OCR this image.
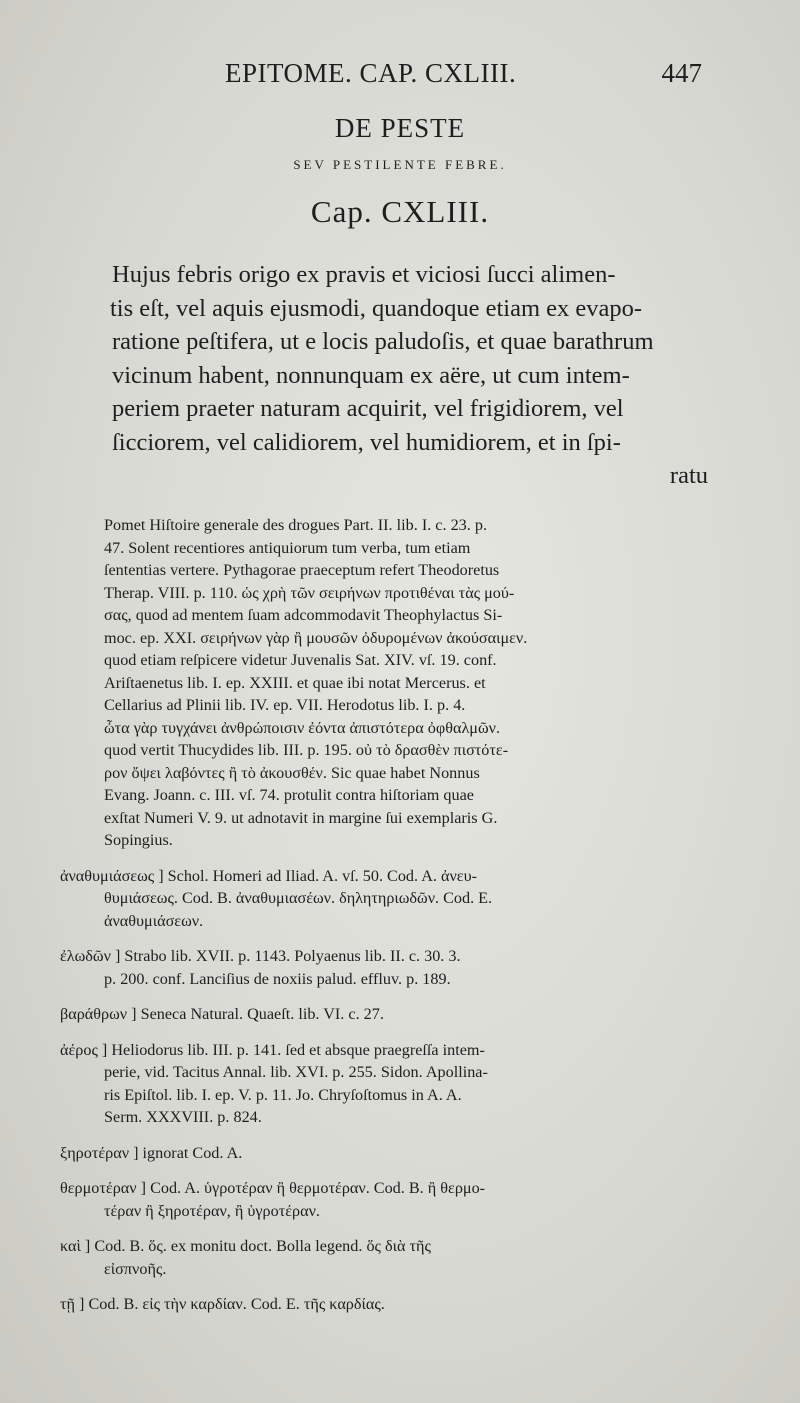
EPITOME. CAP. CXLIII.	447
DE PESTE
SEV PESTILENTE FEBRE.
Cap. CXLIII.
Hujus febris origo ex pravis et viciosi ſucci alimen-
tis eſt, vel aquis ejusmodi, quandoque etiam ex evapo-
ratione peſtifera, ut e locis paludoſis, et quae barathrum
vicinum habent, nonnunquam ex aëre, ut cum intem-
periem praeter naturam acquirit, vel frigidiorem, vel
ſicciorem, vel calidiorem, vel humidiorem, et in ſpi-
ratu
Pomet Hiſtoire generale des drogues Part. II. lib. I. c. 23. p.
47. Solent recentiores antiquiorum tum verba, tum etiam
ſententias vertere. Pythagorae praeceptum refert Theodoretus
Therap. VIII. p. 110. ὡς χρὴ τῶν σειρήνων προτιθέναι τὰς μού-
σας, quod ad mentem ſuam adcommodavit Theophylactus Si-
moc. ep. XXI. σειρήνων γὰρ ἢ μουσῶν ὀδυρομένων ἀκούσαιμεν.
quod etiam reſpicere videtur Juvenalis Sat. XIV. vſ. 19. conf.
Ariſtaenetus lib. I. ep. XXIII. et quae ibi notat Mercerus. et
Cellarius ad Plinii lib. IV. ep. VII. Herodotus lib. I. p. 4.
ὦτα γὰρ τυγχάνει ἀνθρώποισιν ἐόντα ἀπιστότερα ὀφθαλμῶν.
quod vertit Thucydides lib. III. p. 195. οὐ τὸ δρασθὲν πιστότε-
ρον ὄψει λαβόντες ἢ τὸ ἀκουσθέν. Sic quae habet Nonnus
Evang. Joann. c. III. vſ. 74. protulit contra hiſtoriam quae
exſtat Numeri V. 9. ut adnotavit in margine ſui exemplaris G.
Sopingius.
ἀναθυμιάσεως ] Schol. Homeri ad Iliad. A. vſ. 50. Cod. A. ἀνευ-
θυμιάσεως. Cod. B. ἀναθυμιασέων. δηλητηριωδῶν. Cod. E.
ἀναθυμιάσεων.
ἐλωδῶν ] Strabo lib. XVII. p. 1143. Polyaenus lib. II. c. 30. 3.
p. 200. conf. Lanciſius de noxiis palud. effluv. p. 189.
βαράθρων ] Seneca Natural. Quaeſt. lib. VI. c. 27.
ἀέρος ] Heliodorus lib. III. p. 141. ſed et absque praegreſſa intem-
perie, vid. Tacitus Annal. lib. XVI. p. 255. Sidon. Apollina-
ris Epiſtol. lib. I. ep. V. p. 11. Jo. Chryſoſtomus in A. A.
Serm. XXXVIII. p. 824.
ξηροτέραν ] ignorat Cod. A.
θερμοτέραν ] Cod. A. ὑγροτέραν ἢ θερμοτέραν. Cod. B. ἢ θερμο-
τέραν ἢ ξηροτέραν, ἢ ὑγροτέραν.
καὶ ] Cod. B. ὅς. ex monitu doct. Bolla legend. ὅς διὰ τῆς
εἰσπνοῆς.
τῇ ] Cod. B. εἰς τὴν καρδίαν. Cod. E. τῆς καρδίας.
